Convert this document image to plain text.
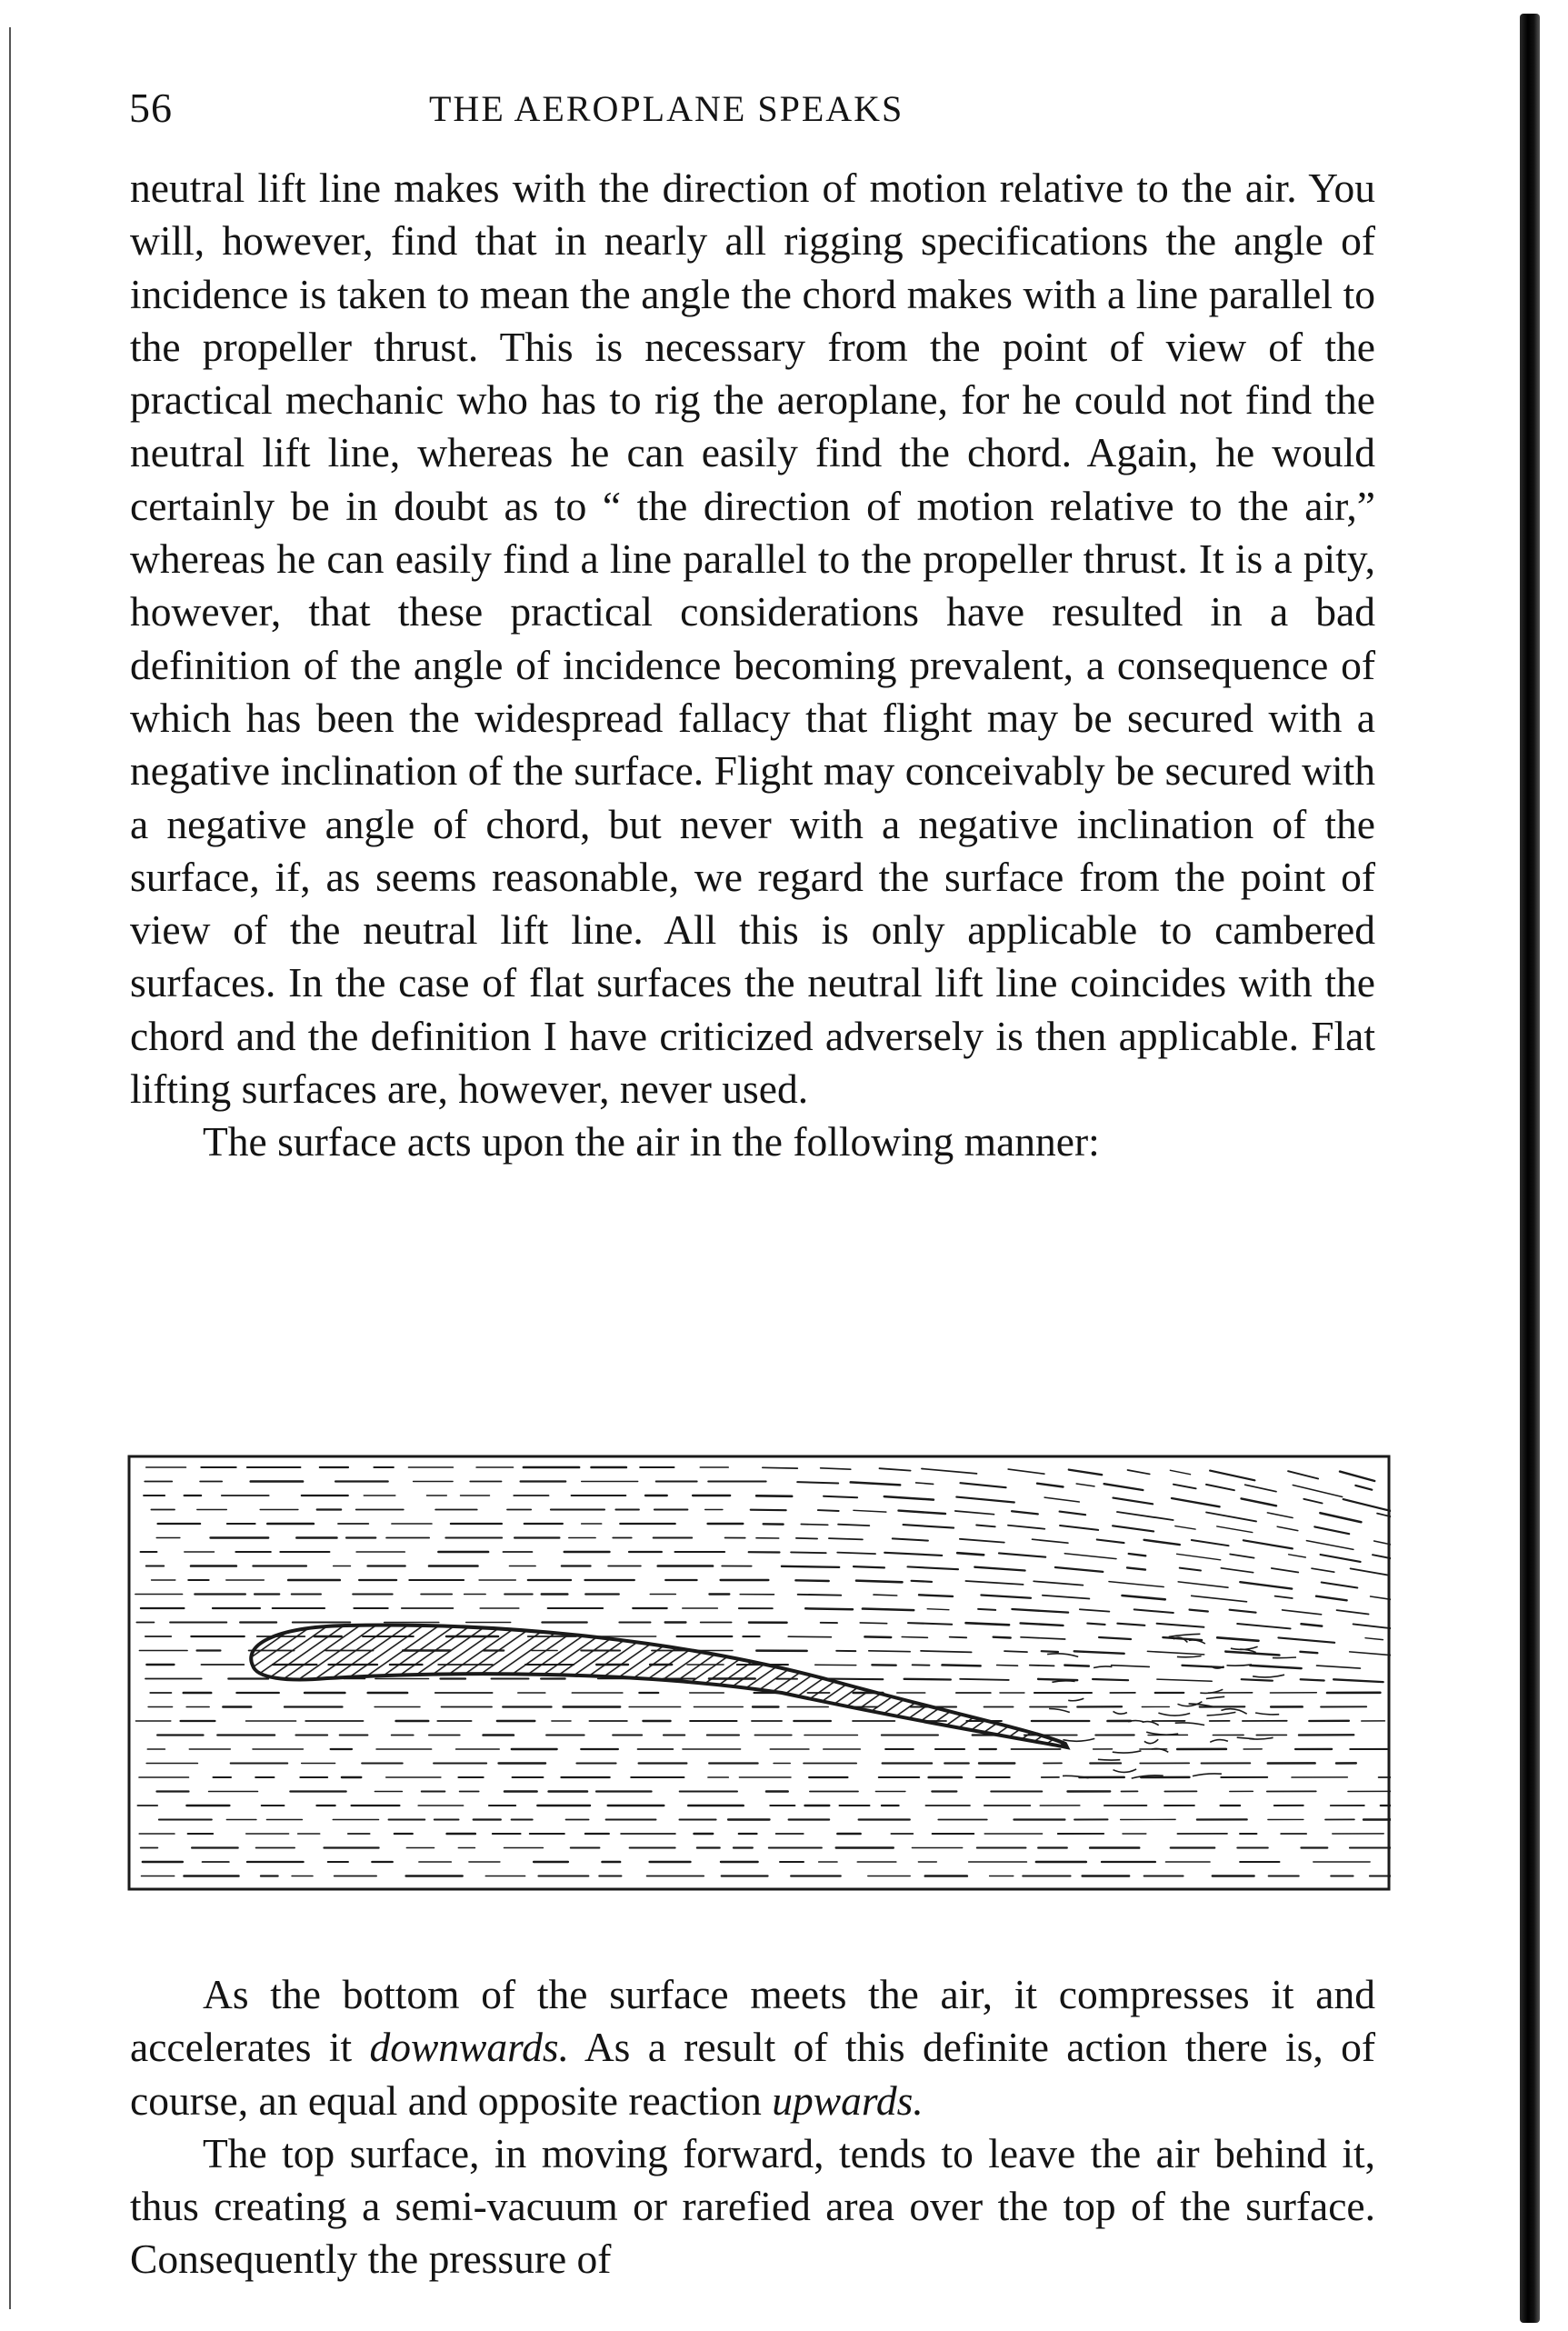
56	THE AEROPLANE SPEAKS

neutral lift line makes with the direction of motion relative to the air. You will, however, find that in nearly all rigging specifications the angle of incidence is taken to mean the angle the chord makes with a line parallel to the propeller thrust. This is necessary from the point of view of the practical mechanic who has to rig the aeroplane, for he could not find the neutral lift line, whereas he can easily find the chord. Again, he would certainly be in doubt as to “ the direction of motion relative to the air,” whereas he can easily find a line parallel to the propeller thrust. It is a pity, however, that these practical considerations have resulted in a bad definition of the angle of incidence becoming prevalent, a consequence of which has been the widespread fallacy that flight may be secured with a negative inclination of the surface. Flight may conceivably be secured with a negative angle of chord, but never with a negative inclination of the surface, if, as seems reasonable, we regard the surface from the point of view of the neutral lift line. All this is only applicable to cambered surfaces. In the case of flat surfaces the neutral lift line coincides with the chord and the definition I have criticized adversely is then applicable. Flat lifting surfaces are, however, never used.

The surface acts upon the air in the following manner:

As the bottom of the surface meets the air, it compresses it and accelerates it downwards. As a result of this definite action there is, of course, an equal and opposite reaction upwards.

The top surface, in moving forward, tends to leave the air behind it, thus creating a semi-vacuum or rarefied area over the top of the surface. Consequently the pressure of
